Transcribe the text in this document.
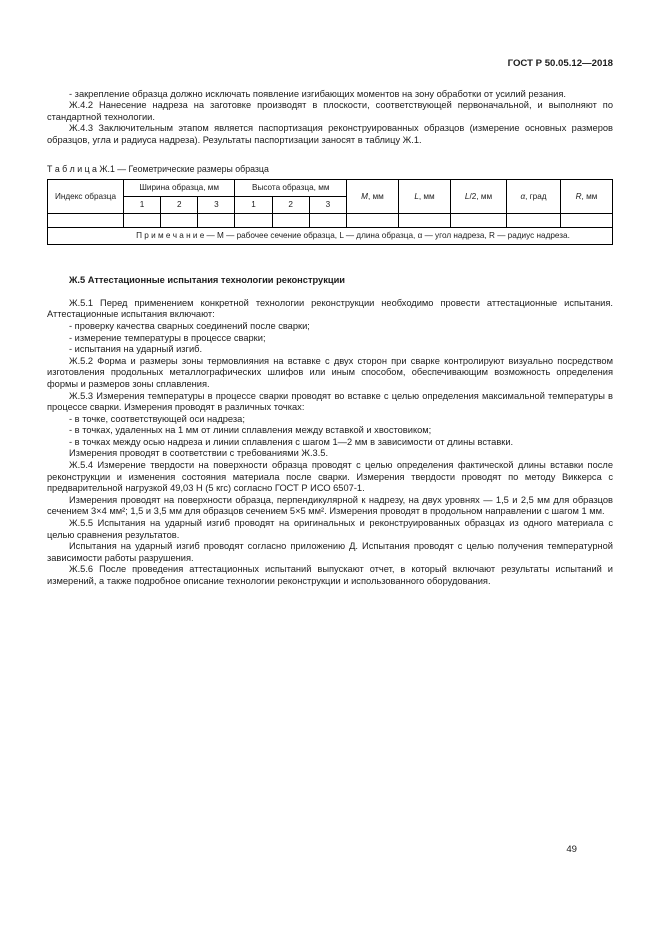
ГОСТ Р 50.05.12—2018

- закрепление образца должно исключать появление изгибающих моментов на зону обработки от усилий резания.

Ж.4.2 Нанесение надреза на заготовке производят в плоскости, соответствующей первоначальной, и выполняют по стандартной технологии.

Ж.4.3 Заключительным этапом является паспортизация реконструированных образцов (измерение основных размеров образцов, угла и радиуса надреза). Результаты паспортизации заносят в таблицу Ж.1.

Т а б л и ц а Ж.1 — Геометрические размеры образца
Индекс образца	Ширина образца, мм			Высота образца, мм			M, мм	L, мм	L/2, мм	α, град	R, мм
	1	2	3	1	2	3					

П р и м е ч а н и е — M — рабочее сечение образца, L — длина образца, α — угол надреза, R — радиус надреза.											
Ж.5 Аттестационные испытания технологии реконструкции

Ж.5.1 Перед применением конкретной технологии реконструкции необходимо провести аттестационные испытания. Аттестационные испытания включают:

- проверку качества сварных соединений после сварки;

- измерение температуры в процессе сварки;

- испытания на ударный изгиб.

Ж.5.2 Форма и размеры зоны термовлияния на вставке с двух сторон при сварке контролируют визуально посредством изготовления продольных металлографических шлифов или иным способом, обеспечивающим возможность определения формы и размеров зоны сплавления.

Ж.5.3 Измерения температуры в процессе сварки проводят во вставке с целью определения максимальной температуры в процессе сварки. Измерения проводят в различных точках:

- в точке, соответствующей оси надреза;

- в точках, удаленных на 1 мм от линии сплавления между вставкой и хвостовиком;

- в точках между осью надреза и линии сплавления с шагом 1—2 мм в зависимости от длины вставки.

Измерения проводят в соответствии с требованиями Ж.3.5.

Ж.5.4 Измерение твердости на поверхности образца проводят с целью определения фактической длины вставки после реконструкции и изменения состояния материала после сварки. Измерения твердости проводят по методу Виккерса с предварительной нагрузкой 49,03 Н (5 кгс) согласно ГОСТ Р ИСО 6507-1.

Измерения проводят на поверхности образца, перпендикулярной к надрезу, на двух уровнях — 1,5 и 2,5 мм для образцов сечением 3×4 мм²; 1,5 и 3,5 мм для образцов сечением 5×5 мм². Измерения проводят в продольном направлении с шагом 1 мм.

Ж.5.5 Испытания на ударный изгиб проводят на оригинальных и реконструированных образцах из одного материала с целью сравнения результатов.

Испытания на ударный изгиб проводят согласно приложению Д. Испытания проводят с целью получения температурной зависимости работы разрушения.

Ж.5.6 После проведения аттестационных испытаний выпускают отчет, в который включают результаты испытаний и измерений, а также подробное описание технологии реконструкции и использованного оборудования.

49
